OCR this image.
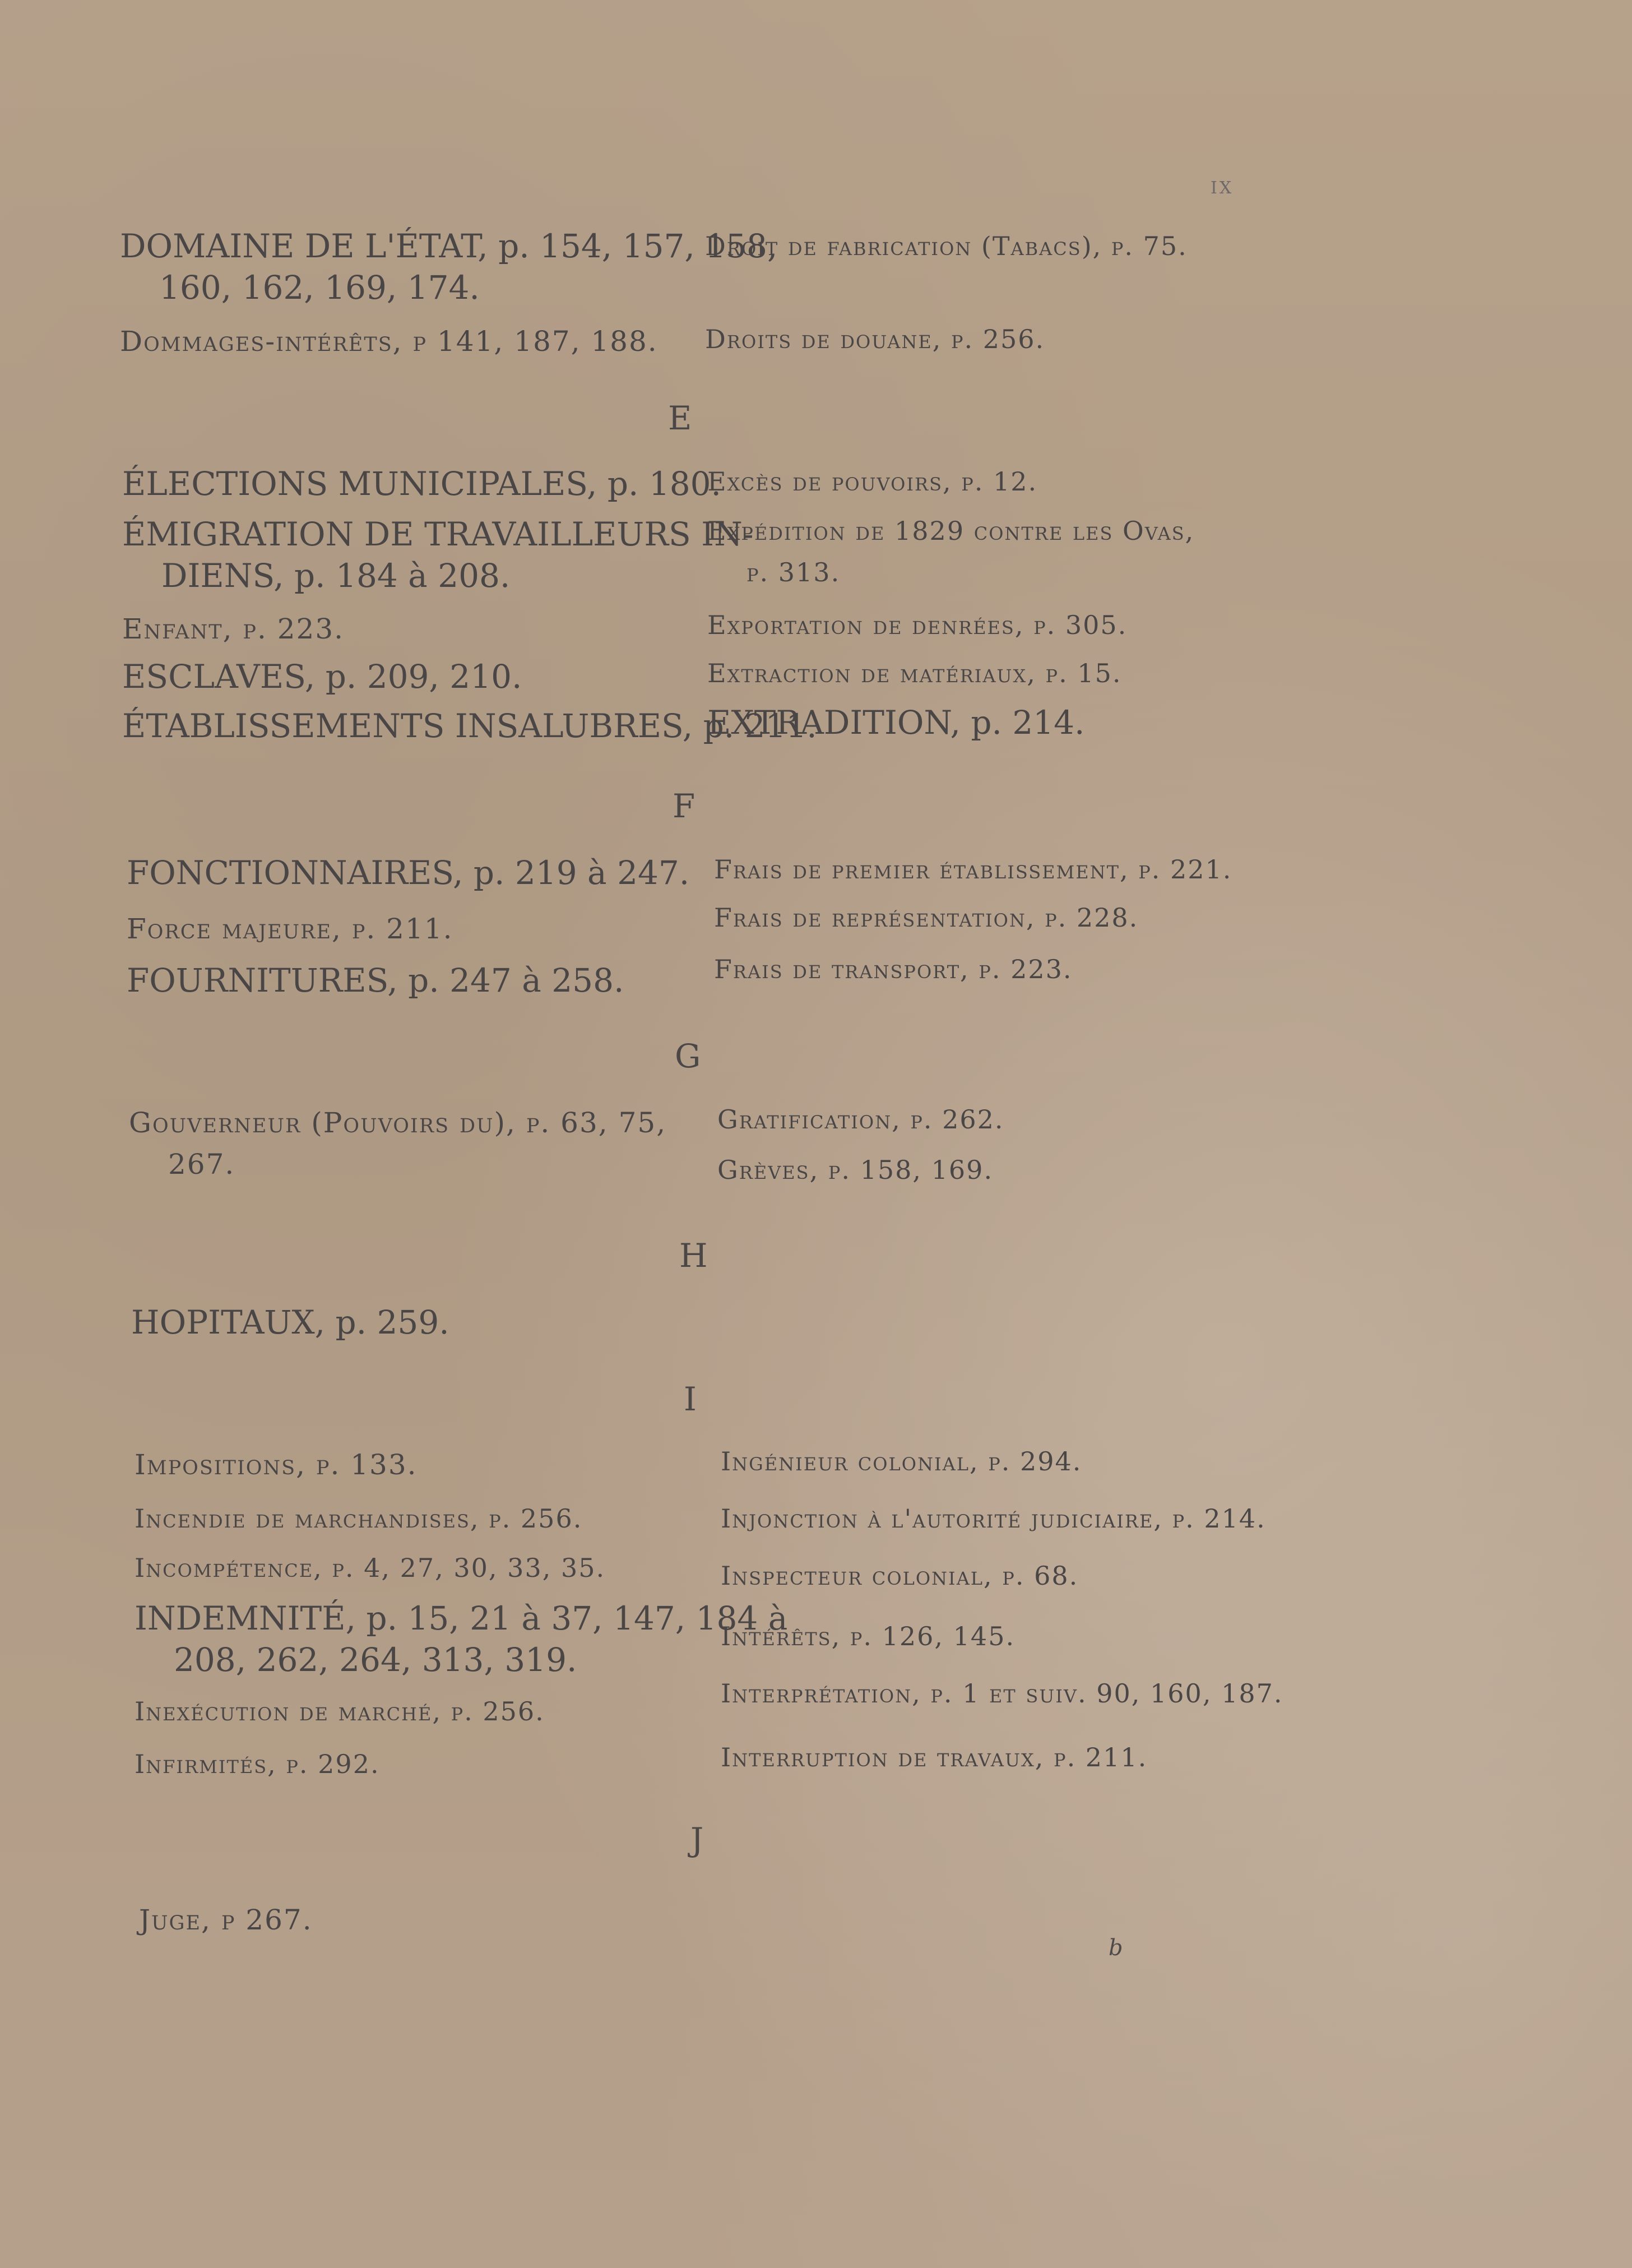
IX
DOMAINE DE L'ÉTAT, p. 154, 157, 158,
160, 162, 169, 174.
Dommages-intérêts, p 141, 187, 188.
Droit de fabrication (Tabacs), p. 75.
Droits de douane, p. 256.
E
ÉLECTIONS MUNICIPALES, p. 180.
ÉMIGRATION DE TRAVAILLEURS IN-
DIENS, p. 184 à 208.
Enfant, p. 223.
ESCLAVES, p. 209, 210.
ÉTABLISSEMENTS INSALUBRES, p. 211.
Excès de pouvoirs, p. 12.
Expédition de 1829 contre les Ovas,
p. 313.
Exportation de denrées, p. 305.
Extraction de matériaux, p. 15.
EXTRADITION, p. 214.
F
FONCTIONNAIRES, p. 219 à 247.
Force majeure, p. 211.
FOURNITURES, p. 247 à 258.
Frais de premier établissement, p. 221.
Frais de représentation, p. 228.
Frais de transport, p. 223.
G
Gouverneur (Pouvoirs du), p. 63, 75,
267.
Gratification, p. 262.
Grèves, p. 158, 169.
H
HOPITAUX, p. 259.
I
Impositions, p. 133.
Incendie de marchandises, p. 256.
Incompétence, p. 4, 27, 30, 33, 35.
INDEMNITÉ, p. 15, 21 à 37, 147, 184 à
208, 262, 264, 313, 319.
Inexécution de marché, p. 256.
Infirmités, p. 292.
Ingénieur colonial, p. 294.
Injonction à l'autorité judiciaire, p. 214.
Inspecteur colonial, p. 68.
Intérêts, p. 126, 145.
Interprétation, p. 1 et suiv. 90, 160, 187.
Interruption de travaux, p. 211.
J
Juge, p 267.
b
